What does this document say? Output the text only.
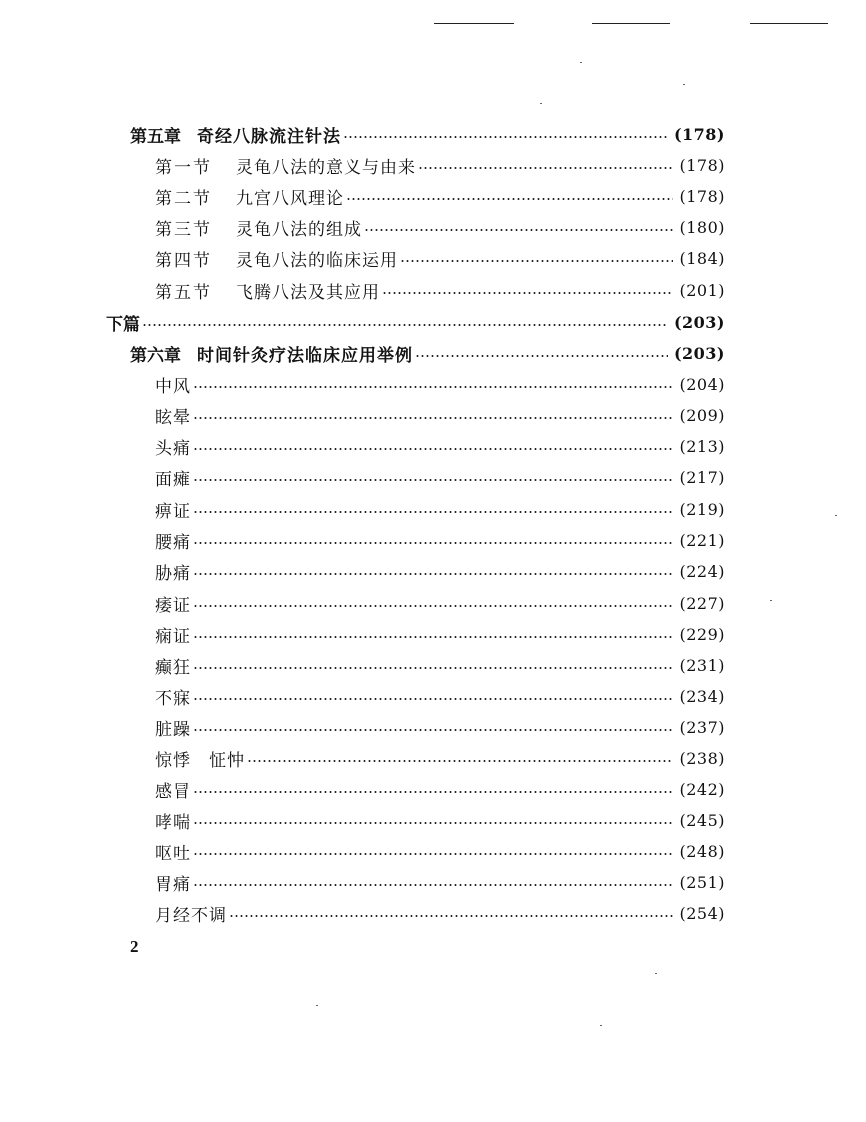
第五章 奇经八脉流注针法	(178)
第一节 灵龟八法的意义与由来	(178)
第二节 九宫八风理论	(178)
第三节 灵龟八法的组成	(180)
第四节 灵龟八法的临床运用	(184)
第五节 飞腾八法及其应用	(201)
下篇	(203)
第六章 时间针灸疗法临床应用举例	(203)
中风	(204)
眩晕	(209)
头痛	(213)
面瘫	(217)
痹证	(219)
腰痛	(221)
胁痛	(224)
痿证	(227)
痫证	(229)
癫狂	(231)
不寐	(234)
脏躁	(237)
惊悸　怔忡	(238)
感冒	(242)
哮喘	(245)
呕吐	(248)
胃痛	(251)
月经不调	(254)
2
